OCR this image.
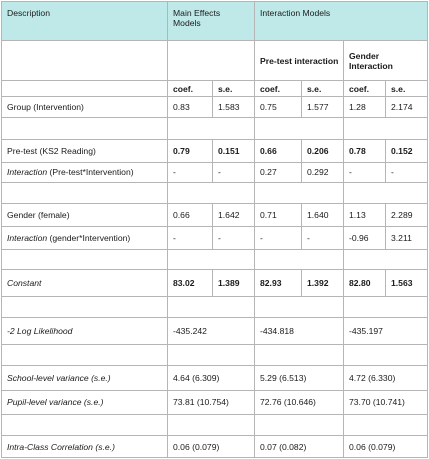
Description	Main Effects Models		Interaction Models			
			Pre-test interaction		Gender Interaction	
	coef.	s.e.	coef.	s.e.	coef.	s.e.
Group (Intervention)	0.83	1.583	0.75	1.577	1.28	2.174

Pre-test (KS2 Reading)	0.79	0.151	0.66	0.206	0.78	0.152
Interaction (Pre-test*Intervention)	-	-	0.27	0.292	-	-

Gender (female)	0.66	1.642	0.71	1.640	1.13	2.289
Interaction (gender*Intervention)	-	-	-	-	-0.96	3.211

Constant	83.02	1.389	82.93	1.392	82.80	1.563

-2 Log Likelihood	-435.242		-434.818		-435.197	

School-level variance (s.e.)	4.64 (6.309)		5.29 (6.513)		4.72 (6.330)	
Pupil-level variance (s.e.)	73.81 (10.754)		72.76 (10.646)		73.70 (10.741)	

Intra-Class Correlation (s.e.)	0.06 (0.079)		0.07 (0.082)		0.06 (0.079)	
